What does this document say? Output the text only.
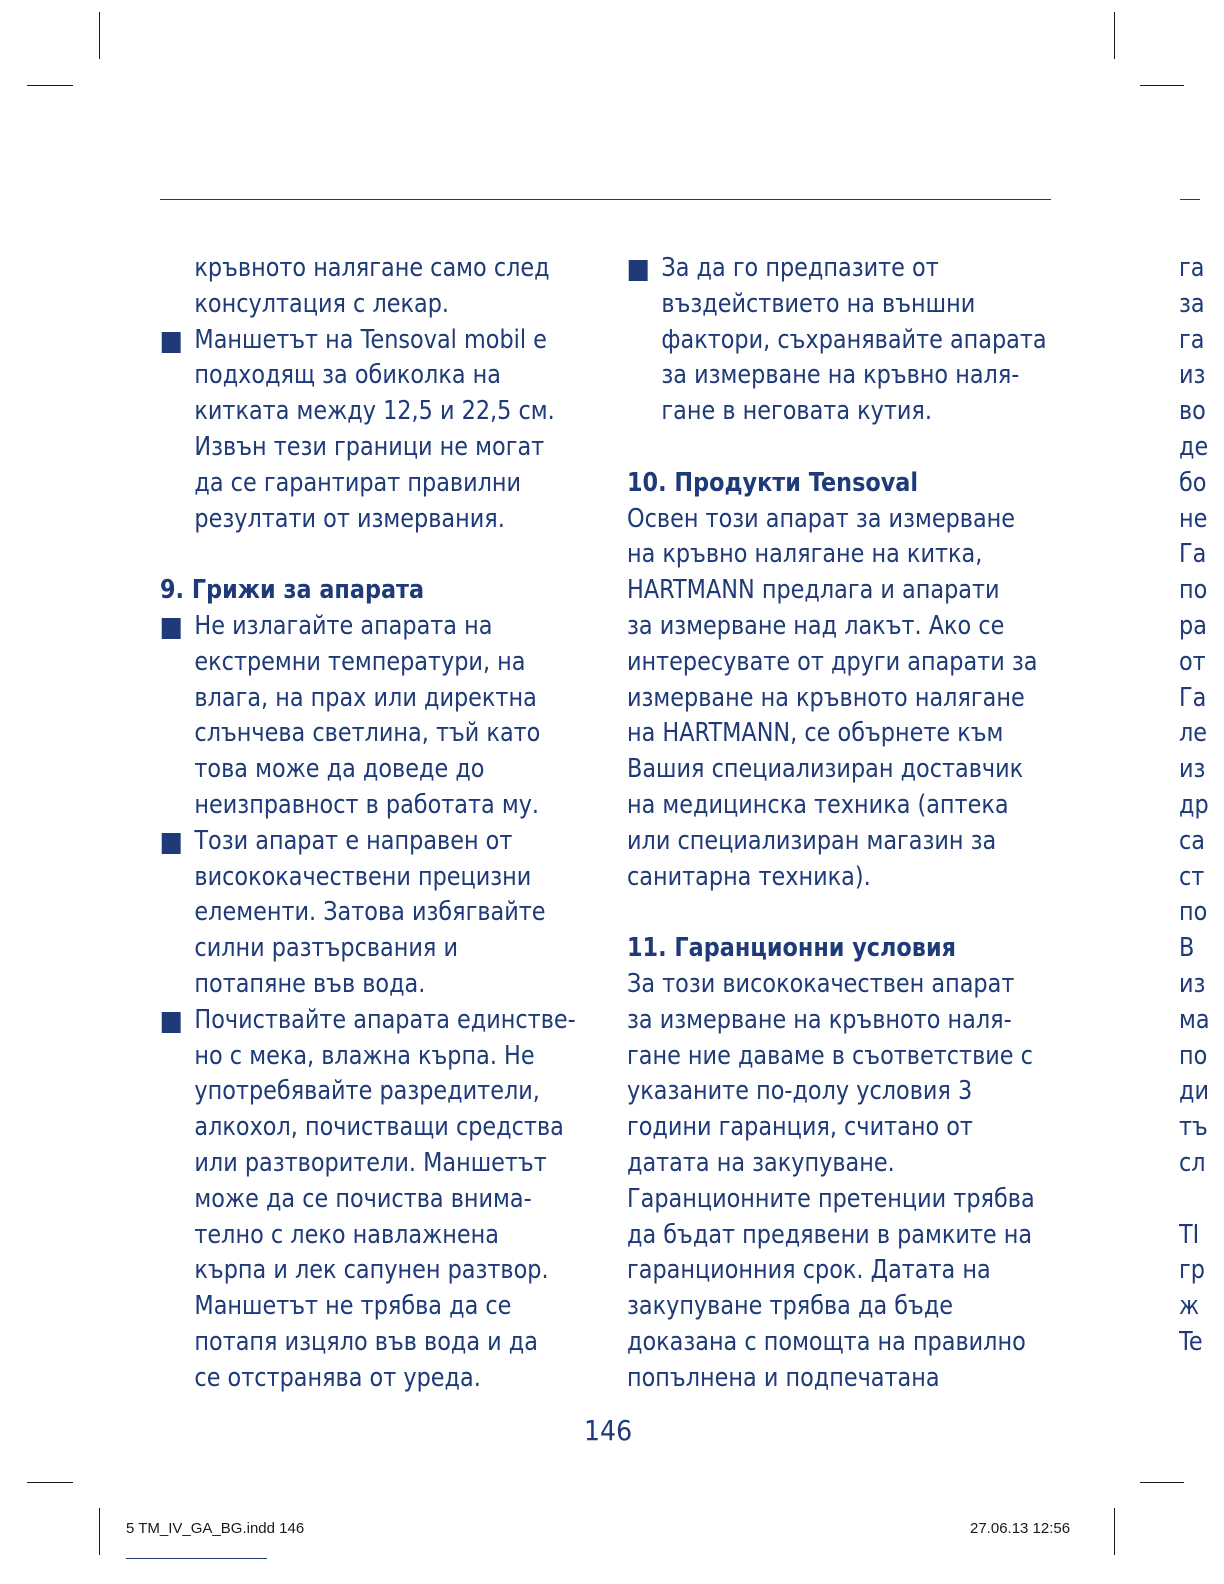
кръвното налягане само след
консултация с лекар.
Маншетът на Tensoval mobil е
подходящ за обиколка на
китката между 12,5 и 22,5 см.
Извън тези граници не могат
да се гарантират правилни
резултати от измервания.
9. Грижи за апарата
Не излагайте апарата на
екстремни температури, на
влага, на прах или директна
слънчева светлина, тъй като
това може да доведе до
неизправност в работата му.
Този апарат е направен от
висококачествени прецизни
елементи. Затова избягвайте
силни разтърсвания и
потапяне във вода.
Почиствайте апарата единстве-
но с мека, влажна кърпа. Не
употребявайте разредители,
алкохол, почистващи средства
или разтворители. Маншетът
може да се почиства внима-
телно с леко навлажнена
кърпа и лек сапунен разтвор.
Маншетът не трябва да се
потапя изцяло във вода и да
се отстранява от уреда.
За да го предпазите от
въздействието на външни
фактори, съхранявайте апарата
за измерване на кръвно наля-
гане в неговата кутия.
10. Продукти Tensoval
Освен този апарат за измерване
на кръвно налягане на китка,
HARTMANN предлага и апарати
за измерване над лакът. Ако се
интересувате от други апарати за
измерване на кръвното налягане
на HARTMANN, се обърнете към
Вашия специализиран доставчик
на медицинска техника (аптека
или специализиран магазин за
санитарна техника).
11. Гаранционни условия
За този висококачествен апарат
за измерване на кръвното наля-
гане ние даваме в съответствие с
указаните по-долу условия 3
години гаранция, считано от
датата на закупуване.
Гаранционните претенции трябва
да бъдат предявени в рамките на
гаранционния срок. Датата на
закупуване трябва да бъде
доказана с помощта на правилно
попълнена и подпечатана
га
за
га
из
во
де
бо
не
Га
по
ра
от
Га
ле
из
др
са
ст
по
В
из
ма
по
ди
тъ
сл
TI
гр
ж
Te
146
5 TM_IV_GA_BG.indd 146	27.06.13 12:56
